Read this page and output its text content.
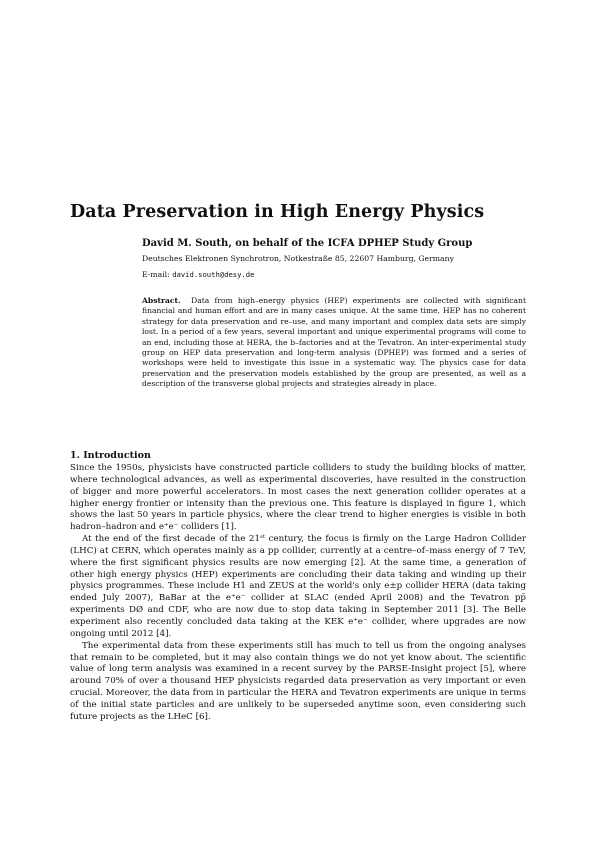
Data Preservation in High Energy Physics
David M. South, on behalf of the ICFA DPHEP Study Group
Deutsches Elektronen Synchrotron, Notkestraße 85, 22607 Hamburg, Germany
E-mail: david.south@desy.de
Abstract. Data from high–energy physics (HEP) experiments are collected with significant financial and human effort and are in many cases unique. At the same time, HEP has no coherent strategy for data preservation and re–use, and many important and complex data sets are simply lost. In a period of a few years, several important and unique experimental programs will come to an end, including those at HERA, the b–factories and at the Tevatron. An inter-experimental study group on HEP data preservation and long-term analysis (DPHEP) was formed and a series of workshops were held to investigate this issue in a systematic way. The physics case for data preservation and the preservation models established by the group are presented, as well as a description of the transverse global projects and strategies already in place.
1. Introduction

Since the 1950s, physicists have constructed particle colliders to study the building blocks of matter, where technological advances, as well as experimental discoveries, have resulted in the construction of bigger and more powerful accelerators. In most cases the next generation collider operates at a higher energy frontier or intensity than the previous one. This feature is displayed in figure 1, which shows the last 50 years in particle physics, where the clear trend to higher energies is visible in both hadron–hadron and e⁺e⁻ colliders [1].

At the end of the first decade of the 21ˢᵗ century, the focus is firmly on the Large Hadron Collider (LHC) at CERN, which operates mainly as a pp collider, currently at a centre–of–mass energy of 7 TeV, where the first significant physics results are now emerging [2]. At the same time, a generation of other high energy physics (HEP) experiments are concluding their data taking and winding up their physics programmes. These include H1 and ZEUS at the world's only e±p collider HERA (data taking ended July 2007), BaBar at the e⁺e⁻ collider at SLAC (ended April 2008) and the Tevatron pp̄ experiments DØ and CDF, who are now due to stop data taking in September 2011 [3]. The Belle experiment also recently concluded data taking at the KEK e⁺e⁻ collider, where upgrades are now ongoing until 2012 [4].

The experimental data from these experiments still has much to tell us from the ongoing analyses that remain to be completed, but it may also contain things we do not yet know about. The scientific value of long term analysis was examined in a recent survey by the PARSE-Insight project [5], where around 70% of over a thousand HEP physicists regarded data preservation as very important or even crucial. Moreover, the data from in particular the HERA and Tevatron experiments are unique in terms of the initial state particles and are unlikely to be superseded anytime soon, even considering such future projects as the LHeC [6].
